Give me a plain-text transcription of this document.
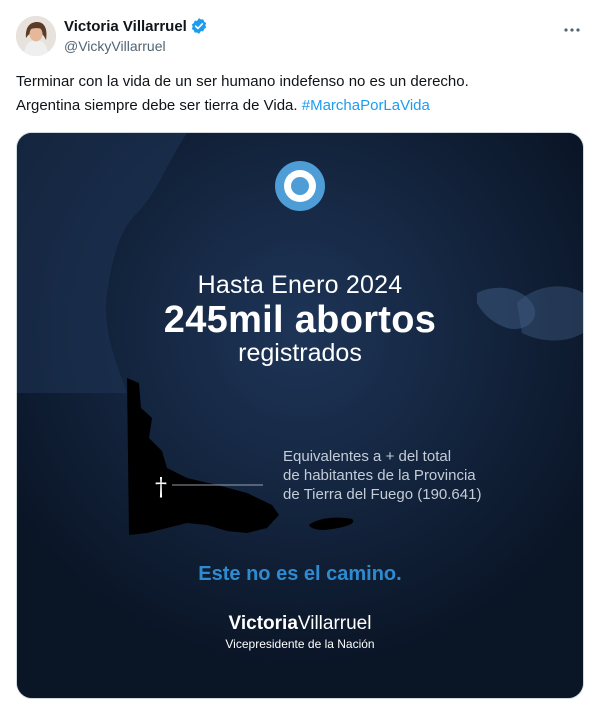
Victoria Villarruel
@VickyVillarruel
Terminar con la vida de un ser humano indefenso no es un derecho.
Argentina siempre debe ser tierra de Vida. #MarchaPorLaVida
Hasta Enero 2024
245mil abortos
registrados
†
Equivalentes a + del total
de habitantes de la Provincia
de Tierra del Fuego (190.641)
Este no es el camino.
VictoriaVillarruel
Vicepresidente de la Nación
